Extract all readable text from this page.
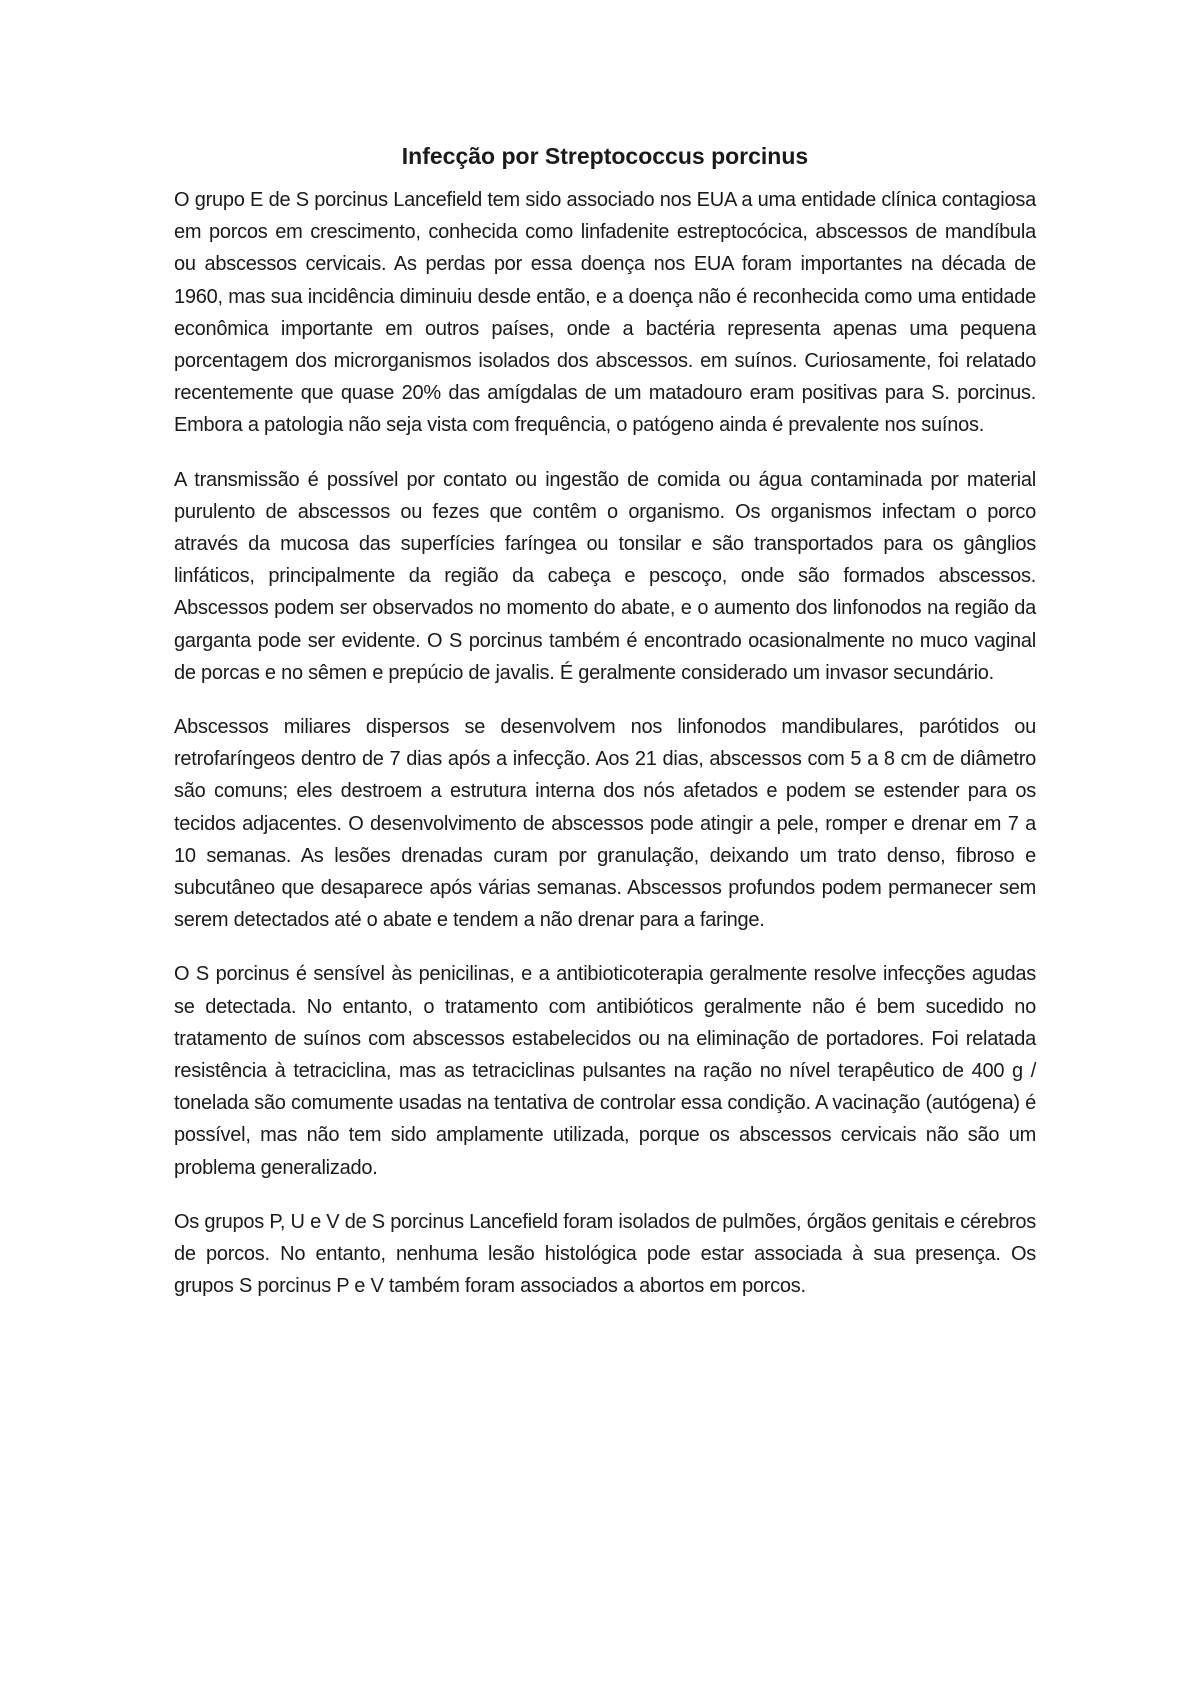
Infecção por Streptococcus porcinus

O grupo E de S porcinus Lancefield tem sido associado nos EUA a uma entidade clínica contagiosa em porcos em crescimento, conhecida como linfadenite estreptocócica, abscessos de mandíbula ou abscessos cervicais. As perdas por essa doença nos EUA foram importantes na década de 1960, mas sua incidência diminuiu desde então, e a doença não é reconhecida como uma entidade econômica importante em outros países, onde a bactéria representa apenas uma pequena porcentagem dos microrganismos isolados dos abscessos. em suínos. Curiosamente, foi relatado recentemente que quase 20% das amígdalas de um matadouro eram positivas para S. porcinus. Embora a patologia não seja vista com frequência, o patógeno ainda é prevalente nos suínos.

A transmissão é possível por contato ou ingestão de comida ou água contaminada por material purulento de abscessos ou fezes que contêm o organismo. Os organismos infectam o porco através da mucosa das superfícies faríngea ou tonsilar e são transportados para os gânglios linfáticos, principalmente da região da cabeça e pescoço, onde são formados abscessos. Abscessos podem ser observados no momento do abate, e o aumento dos linfonodos na região da garganta pode ser evidente. O S porcinus também é encontrado ocasionalmente no muco vaginal de porcas e no sêmen e prepúcio de javalis. É geralmente considerado um invasor secundário.

Abscessos miliares dispersos se desenvolvem nos linfonodos mandibulares, parótidos ou retrofaríngeos dentro de 7 dias após a infecção. Aos 21 dias, abscessos com 5 a 8 cm de diâmetro são comuns; eles destroem a estrutura interna dos nós afetados e podem se estender para os tecidos adjacentes. O desenvolvimento de abscessos pode atingir a pele, romper e drenar em 7 a 10 semanas. As lesões drenadas curam por granulação, deixando um trato denso, fibroso e subcutâneo que desaparece após várias semanas. Abscessos profundos podem permanecer sem serem detectados até o abate e tendem a não drenar para a faringe.

O S porcinus é sensível às penicilinas, e a antibioticoterapia geralmente resolve infecções agudas se detectada. No entanto, o tratamento com antibióticos geralmente não é bem sucedido no tratamento de suínos com abscessos estabelecidos ou na eliminação de portadores. Foi relatada resistência à tetraciclina, mas as tetraciclinas pulsantes na ração no nível terapêutico de 400 g / tonelada são comumente usadas na tentativa de controlar essa condição. A vacinação (autógena) é possível, mas não tem sido amplamente utilizada, porque os abscessos cervicais não são um problema generalizado.

Os grupos P, U e V de S porcinus Lancefield foram isolados de pulmões, órgãos genitais e cérebros de porcos. No entanto, nenhuma lesão histológica pode estar associada à sua presença. Os grupos S porcinus P e V também foram associados a abortos em porcos.
